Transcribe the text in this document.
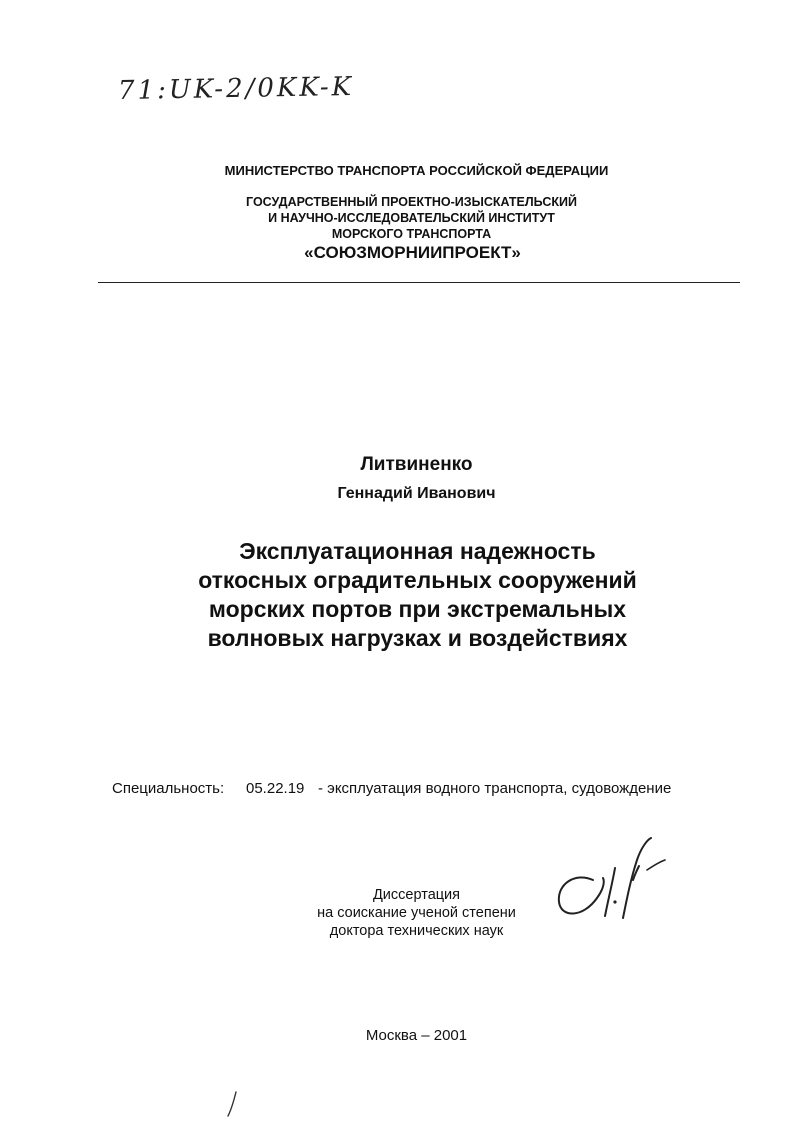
71:UK-2/0KK-K
МИНИСТЕРСТВО ТРАНСПОРТА РОССИЙСКОЙ ФЕДЕРАЦИИ
ГОСУДАРСТВЕННЫЙ ПРОЕКТНО-ИЗЫСКАТЕЛЬСКИЙ
И НАУЧНО-ИССЛЕДОВАТЕЛЬСКИЙ ИНСТИТУТ
МОРСКОГО ТРАНСПОРТА
«СОЮЗМОРНИИПРОЕКТ»
Литвиненко
Геннадий Иванович
Эксплуатационная надежность
откосных оградительных сооружений
морских портов при экстремальных
волновых нагрузках и воздействиях
Специальность: 05.22.19 - эксплуатация водного транспорта, судовождение
Диссертация
на соискание ученой степени
доктора технических наук
Москва – 2001
